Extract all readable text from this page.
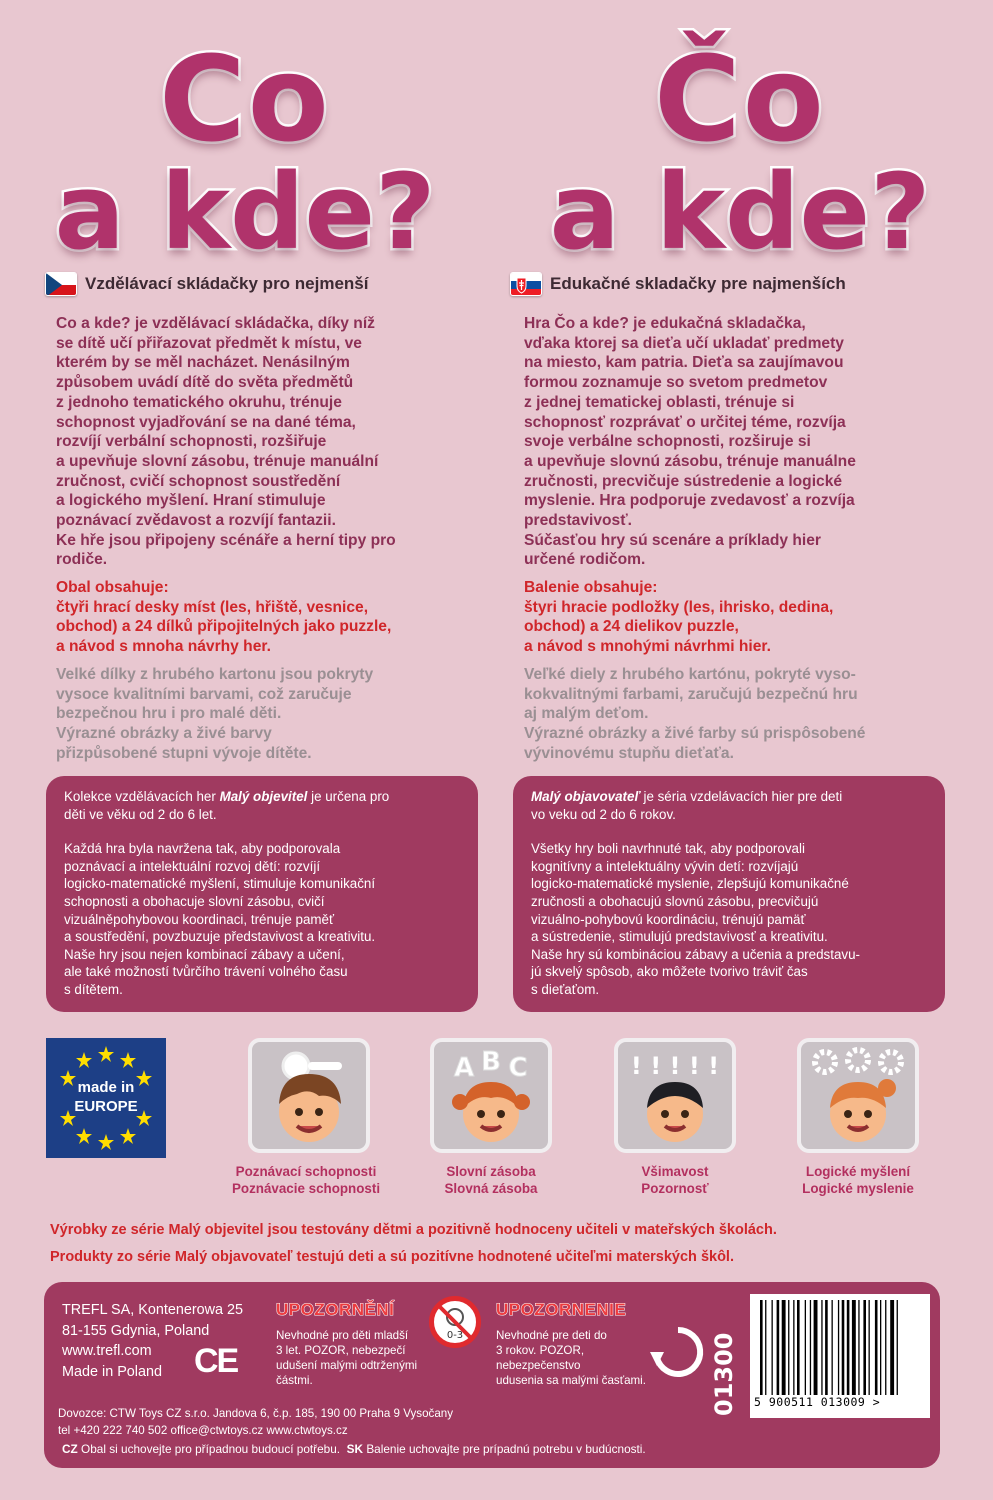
Co
a kde?
Čo
a kde?
Vzdělávací skládačky pro nejmenší	Edukačné skladačky pre najmenších
Co a kde? je vzdělávací skládačka, díky níž
se dítě učí přiřazovat předmět k místu, ve
kterém by se měl nacházet. Nenásilným
způsobem uvádí dítě do světa předmětů
z jednoho tematického okruhu, trénuje
schopnost vyjadřování se na dané téma,
rozvíjí verbální schopnosti, rozšiřuje
a upevňuje slovní zásobu, trénuje manuální
zručnost, cvičí schopnost soustředění
a logického myšlení. Hraní stimuluje
poznávací zvědavost a rozvíjí fantazii.
Ke hře jsou připojeny scénáře a herní tipy pro
rodiče.
Obal obsahuje:
čtyři hrací desky míst (les, hřiště, vesnice,
obchod) a 24 dílků připojitelných jako puzzle,
a návod s mnoha návrhy her.
Velké dílky z hrubého kartonu jsou pokryty
vysoce kvalitními barvami, což zaručuje
bezpečnou hru i pro malé děti.
Výrazné obrázky a živé barvy
přizpůsobené stupni vývoje dítěte.
Hra Čo a kde? je edukačná skladačka,
vďaka ktorej sa dieťa učí ukladať predmety
na miesto, kam patria. Dieťa sa zaujímavou
formou zoznamuje so svetom predmetov
z jednej tematickej oblasti, trénuje si
schopnosť rozprávať o určitej téme, rozvíja
svoje verbálne schopnosti, rozširuje si
a upevňuje slovnú zásobu, trénuje manuálne
zručnosti, precvičuje sústredenie a logické
myslenie. Hra podporuje zvedavosť a rozvíja
predstavivosť.
Súčasťou hry sú scenáre a príklady hier
určené rodičom.
Balenie obsahuje:
štyri hracie podložky (les, ihrisko, dedina,
obchod) a 24 dielikov puzzle,
a návod s mnohými návrhmi hier.
Veľké diely z hrubého kartónu, pokryté vyso-
kokvalitnými farbami, zaručujú bezpečnú hru
aj malým deťom.
Výrazné obrázky a živé farby sú prispôsobené
vývinovému stupňu dieťaťa.

Kolekce vzdělávacích her Malý objevitel je určena pro
děti ve věku od 2 do 6 let.

Každá hra byla navržena tak, aby podporovala
poznávací a intelektuální rozvoj dětí: rozvíjí
logicko-matematické myšlení, stimuluje komunikační
schopnosti a obohacuje slovní zásobu, cvičí
vizuálněpohybovou koordinaci, trénuje paměť
a soustředění, povzbuzuje představivost a kreativitu.
Naše hry jsou nejen kombinací zábavy a učení,
ale také možností tvůrčího trávení volného času
s dítětem.

Malý objavovateľ je séria vzdelávacích hier pre deti
vo veku od 2 do 6 rokov.

Všetky hry boli navrhnuté tak, aby podporovali
kognitívny a intelektuálny vývin detí: rozvíjajú
logicko-matematické myslenie, zlepšujú komunikačné
zručnosti a obohacujú slovnú zásobu, precvičujú
vizuálno-pohybovú koordináciu, trénujú pamäť
a sústredenie, stimulujú predstavivosť a kreativitu.
Naše hry sú kombináciou zábavy a učenia a predstavu-
jú skvelý spôsob, ako môžete tvorivo tráviť čas
s dieťaťom.
made in
EUROPE
A B C	! ! ! ! !
Poznávací schopnosti
Poznávacie schopnosti
Slovní zásoba
Slovná zásoba
Všimavost
Pozornosť
Logické myšlení
Logické myslenie
Výrobky ze série Malý objevitel jsou testovány dětmi a pozitivně hodnoceny učiteli v mateřských školách.
Produkty zo série Malý objavovateľ testujú deti a sú pozitívne hodnotené učiteľmi materských škôl.
TREFL SA, Kontenerowa 25
81-155 Gdynia, Poland
www.trefl.com
Made in Poland CE
Dovozce: CTW Toys CZ s.r.o. Jandova 6, č.p. 185, 190 00 Praha 9 Vysočany
tel +420 222 740 502 office@ctwtoys.cz www.ctwtoys.cz
UPOZORNĚNÍ
Nevhodné pro děti mladší
3 let. POZOR, nebezpečí
udušení malými odtrženými
částmi.
0-3
UPOZORNENIE
Nevhodné pre deti do
3 rokov. POZOR,
nebezpečenstvo
udusenia sa malými časťami.	01300	5 900511 013009 >
CZ Obal si uchovejte pro případnou budoucí potřebu. SK Balenie uchovajte pre prípadnú potrebu v budúcnosti.
